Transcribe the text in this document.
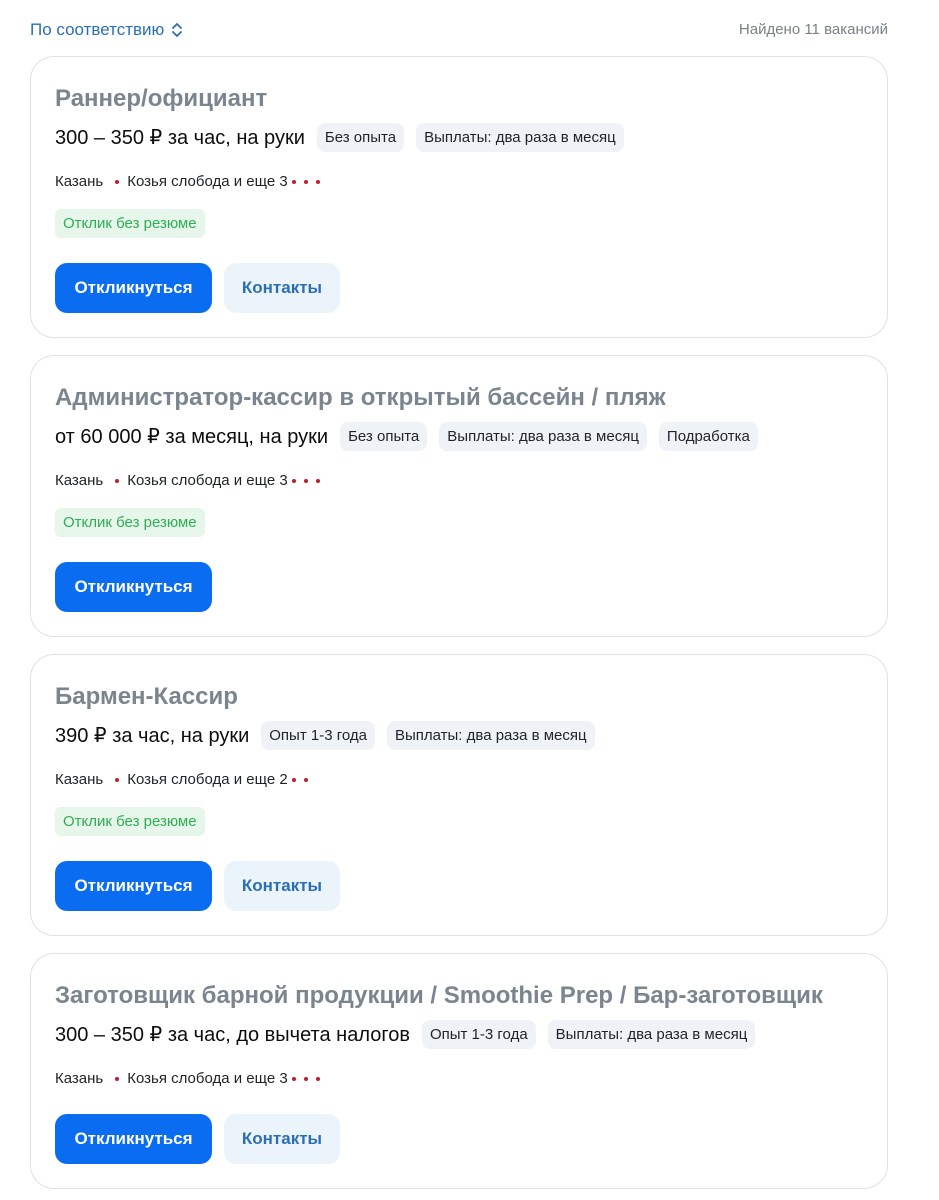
По соответствию	Найдено 11 вакансий
Раннер/официант
300 – 350 ₽ за час, на руки	Без опыта	Выплаты: два раза в месяц
Казань Козья слобода и еще 3
Отклик без резюме
Откликнуться	Контакты
Администратор-кассир в открытый бассейн / пляж
от 60 000 ₽ за месяц, на руки	Без опыта	Выплаты: два раза в месяц	Подработка
Казань Козья слобода и еще 3
Отклик без резюме
Откликнуться
Бармен-Кассир
390 ₽ за час, на руки	Опыт 1-3 года	Выплаты: два раза в месяц
Казань Козья слобода и еще 2
Отклик без резюме
Откликнуться	Контакты
Заготовщик барной продукции / Smoothie Prep / Бар-заготовщик
300 – 350 ₽ за час, до вычета налогов	Опыт 1-3 года	Выплаты: два раза в месяц
Казань Козья слобода и еще 3
Откликнуться	Контакты
